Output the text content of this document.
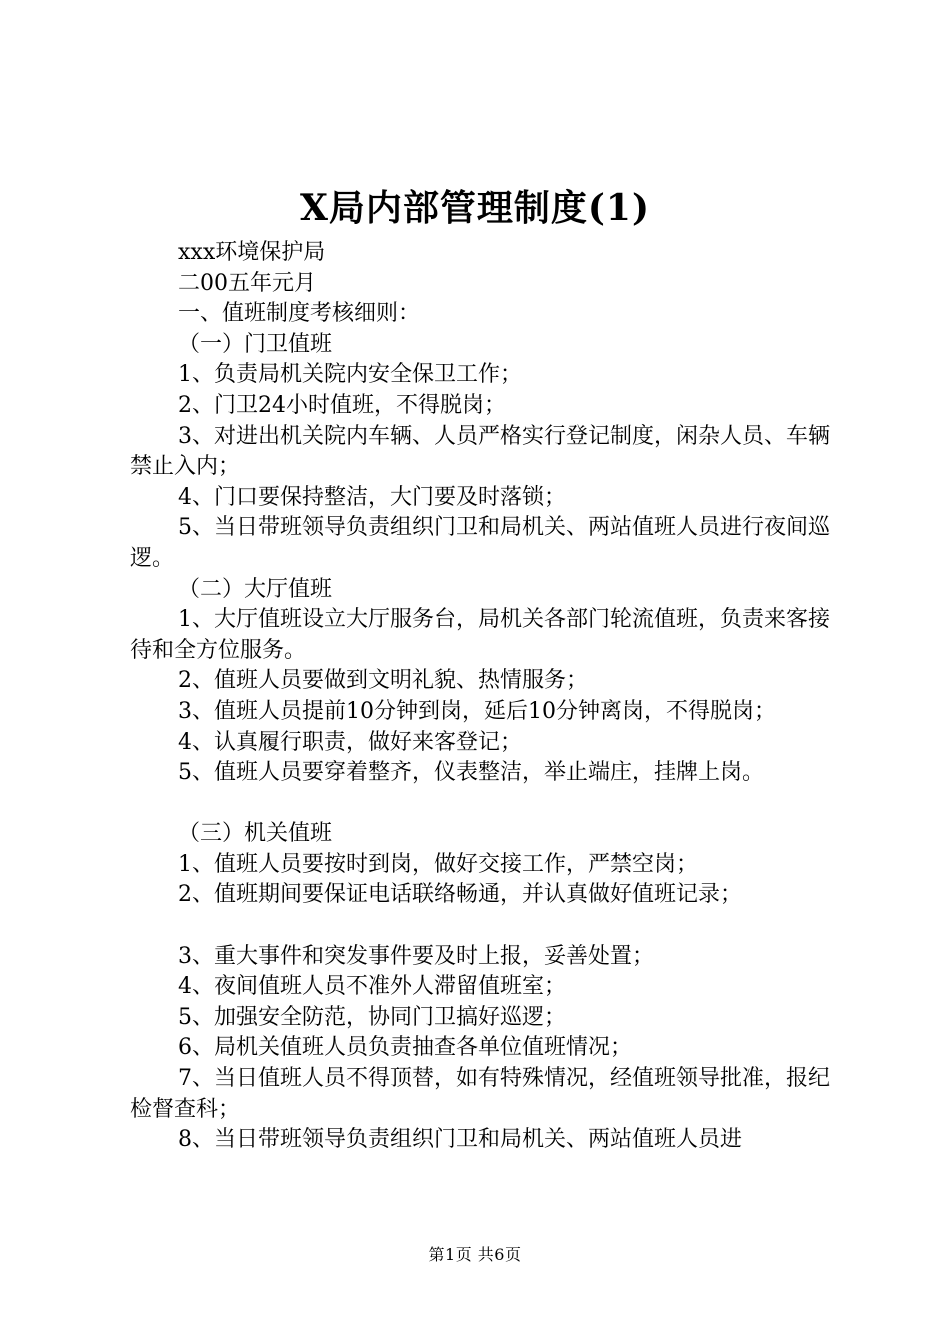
X局内部管理制度(1)

xxx环境保护局

二00五年元月

一、值班制度考核细则：

（一）门卫值班

1、负责局机关院内安全保卫工作；

2、门卫24小时值班，不得脱岗；

3、对进出机关院内车辆、人员严格实行登记制度，闲杂人员、车辆禁止入内；

4、门口要保持整洁，大门要及时落锁；

5、当日带班领导负责组织门卫和局机关、两站值班人员进行夜间巡逻。

（二）大厅值班

1、大厅值班设立大厅服务台，局机关各部门轮流值班，负责来客接待和全方位服务。

2、值班人员要做到文明礼貌、热情服务；

3、值班人员提前10分钟到岗，延后10分钟离岗，不得脱岗；

4、认真履行职责，做好来客登记；

5、值班人员要穿着整齐，仪表整洁，举止端庄，挂牌上岗。

（三）机关值班

1、值班人员要按时到岗，做好交接工作，严禁空岗；

2、值班期间要保证电话联络畅通，并认真做好值班记录；

3、重大事件和突发事件要及时上报，妥善处置；

4、夜间值班人员不准外人滞留值班室；

5、加强安全防范，协同门卫搞好巡逻；

6、局机关值班人员负责抽查各单位值班情况；

7、当日值班人员不得顶替，如有特殊情况，经值班领导批准，报纪检督查科；

8、当日带班领导负责组织门卫和局机关、两站值班人员进

第1页 共6页
